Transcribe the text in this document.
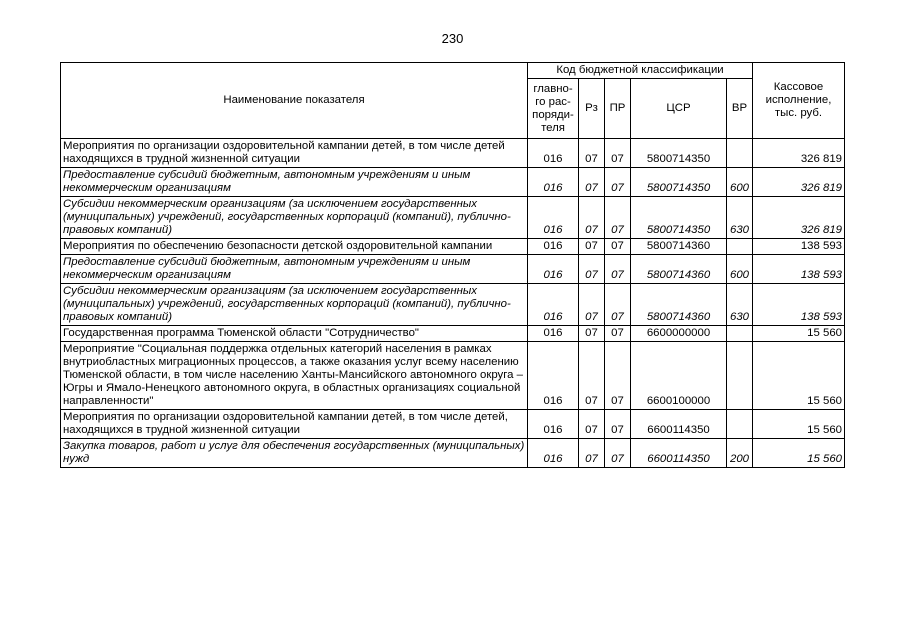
230
Наименование показателя	Код бюджетной классификации					Кассовое исполнение, тыс. руб.
	главно-го рас-поряди-теля	Рз	ПР	ЦСР	ВР	
Мероприятия по организации оздоровительной кампании детей, в том числе детей находящихся в трудной жизненной ситуации	016	07	07	5800714350		326 819
Предоставление субсидий бюджетным, автономным учреждениям и иным некоммерческим организациям	016	07	07	5800714350	600	326 819
Субсидии некоммерческим организациям (за исключением государственных (муниципальных) учреждений, государственных корпораций (компаний), публично-правовых компаний)	016	07	07	5800714350	630	326 819
Мероприятия по обеспечению безопасности детской оздоровительной кампании	016	07	07	5800714360		138 593
Предоставление субсидий бюджетным, автономным учреждениям и иным некоммерческим организациям	016	07	07	5800714360	600	138 593
Субсидии некоммерческим организациям (за исключением государственных (муниципальных) учреждений, государственных корпораций (компаний), публично-правовых компаний)	016	07	07	5800714360	630	138 593
Государственная программа Тюменской области "Сотрудничество"	016	07	07	6600000000		15 560
Мероприятие "Социальная поддержка отдельных категорий населения в рамках внутриобластных миграционных процессов, а также оказания услуг всему населению Тюменской области, в том числе населению Ханты-Мансийского автономного округа – Югры и Ямало-Ненецкого автономного округа, в областных организациях социальной направленности"	016	07	07	6600100000		15 560
Мероприятия по организации оздоровительной кампании детей, в том числе детей, находящихся в трудной жизненной ситуации	016	07	07	6600114350		15 560
Закупка товаров, работ и услуг для обеспечения государственных (муниципальных) нужд	016	07	07	6600114350	200	15 560
